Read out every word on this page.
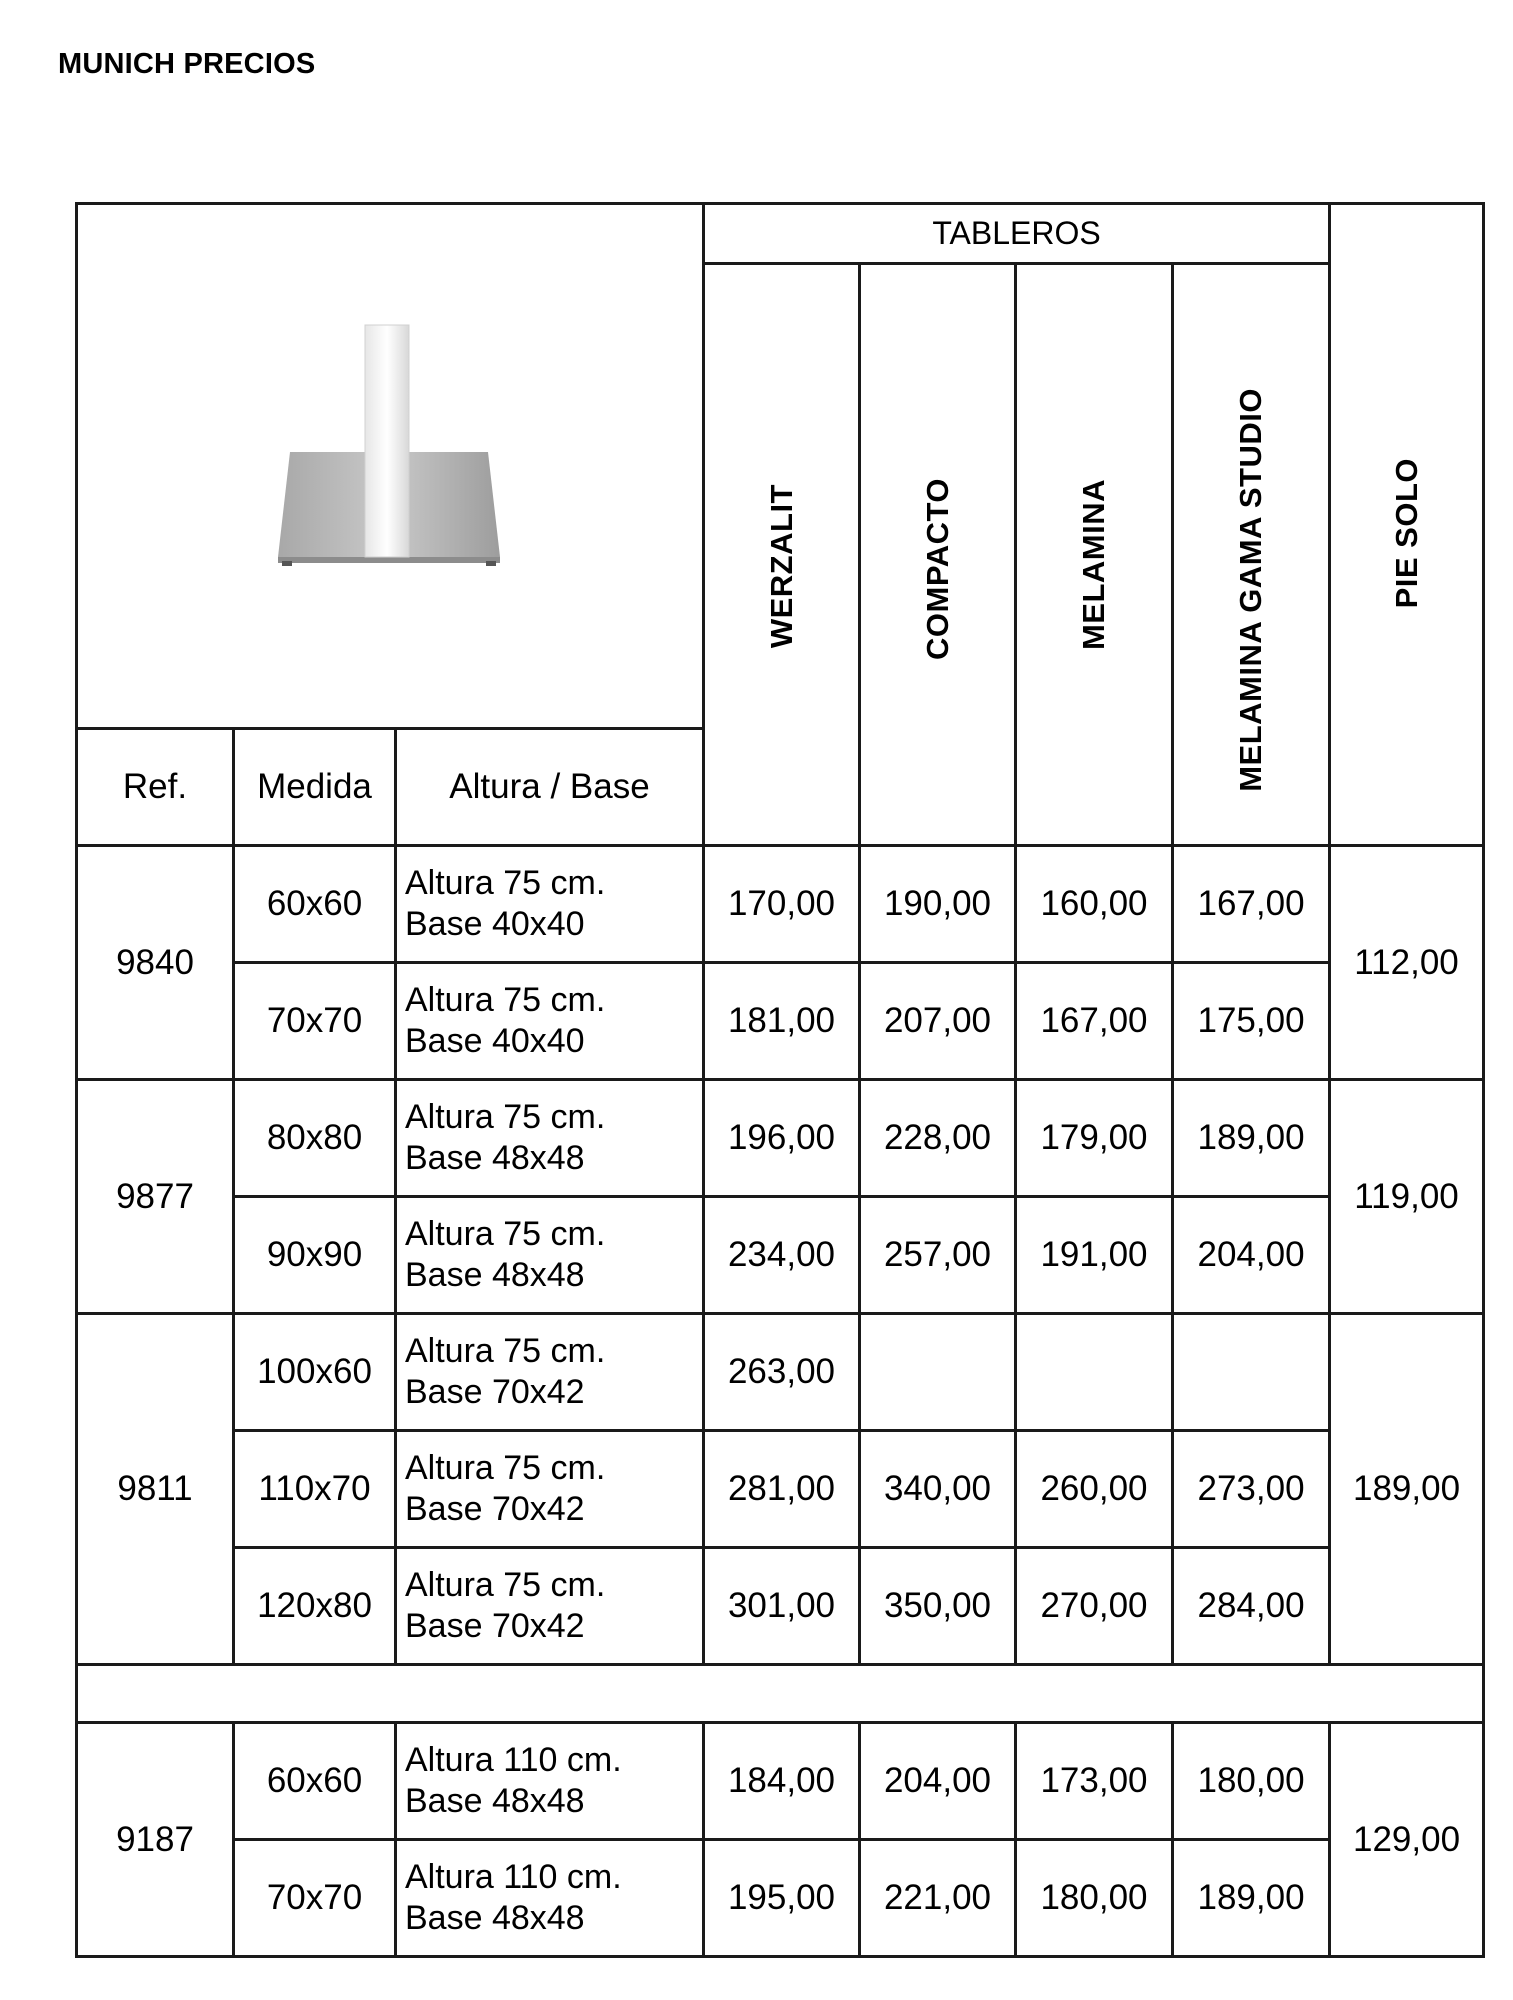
MUNICH PRECIOS
	TABLEROS				PIE SOLO

			WERZALIT	COMPACTO	MELAMINA	MELAMINA GAMA STUDIO	

Ref.	Medida	Altura / Base					
9840	60x60	Altura 75 cm.
Base 40x40	170,00	190,00	160,00	167,00	112,00
	70x70	Altura 75 cm.
Base 40x40	181,00	207,00	167,00	175,00	
9877	80x80	Altura 75 cm.
Base 48x48	196,00	228,00	179,00	189,00	119,00
	90x90	Altura 75 cm.
Base 48x48	234,00	257,00	191,00	204,00	
9811	100x60	Altura 75 cm.
Base 70x42	263,00				189,00
	110x70	Altura 75 cm.
Base 70x42	281,00	340,00	260,00	273,00	
	120x80	Altura 75 cm.
Base 70x42	301,00	350,00	270,00	284,00	

9187	60x60	Altura 110 cm.
Base 48x48	184,00	204,00	173,00	180,00	129,00
	70x70	Altura 110 cm.
Base 48x48	195,00	221,00	180,00	189,00	
